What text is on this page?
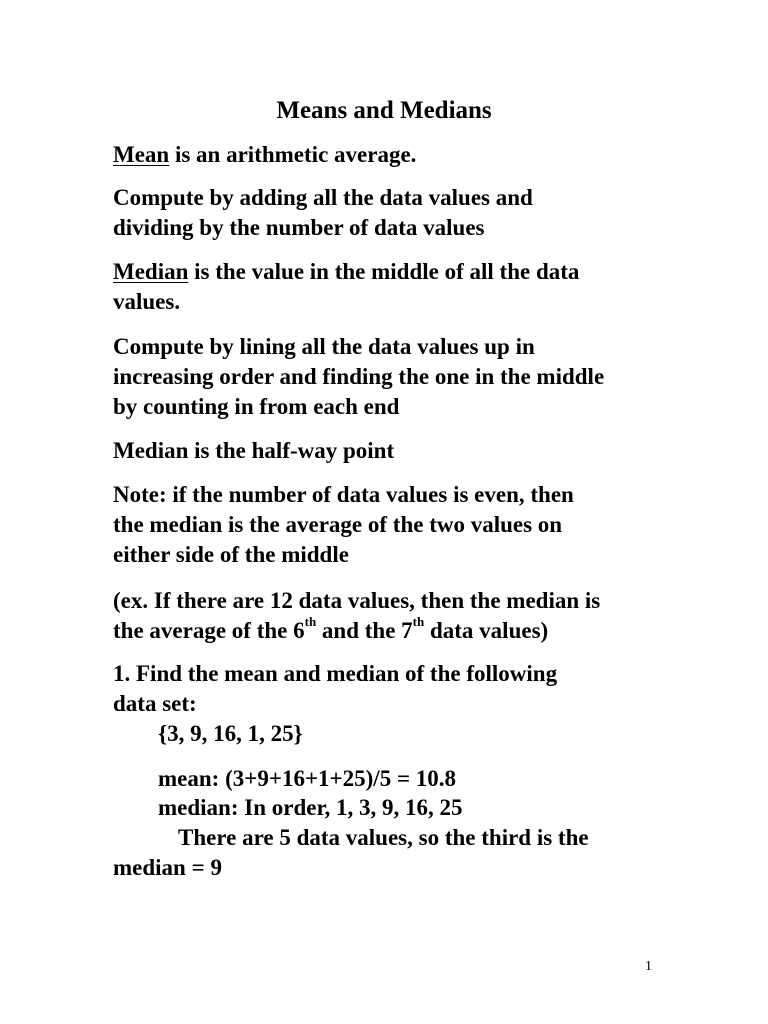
Means and Medians
Mean is an arithmetic average.
Compute by adding all the data values and
dividing by the number of data values
Median is the value in the middle of all the data
values.
Compute by lining all the data values up in
increasing order and finding the one in the middle
by counting in from each end
Median is the half-way point
Note: if the number of data values is even, then
the median is the average of the two values on
either side of the middle
(ex. If there are 12 data values, then the median is
the average of the 6th and the 7th data values)
1. Find the mean and median of the following
data set:
{3, 9, 16, 1, 25}
mean: (3+9+16+1+25)/5 = 10.8
median: In order, 1, 3, 9, 16, 25
There are 5 data values, so the third is the
median = 9
1
